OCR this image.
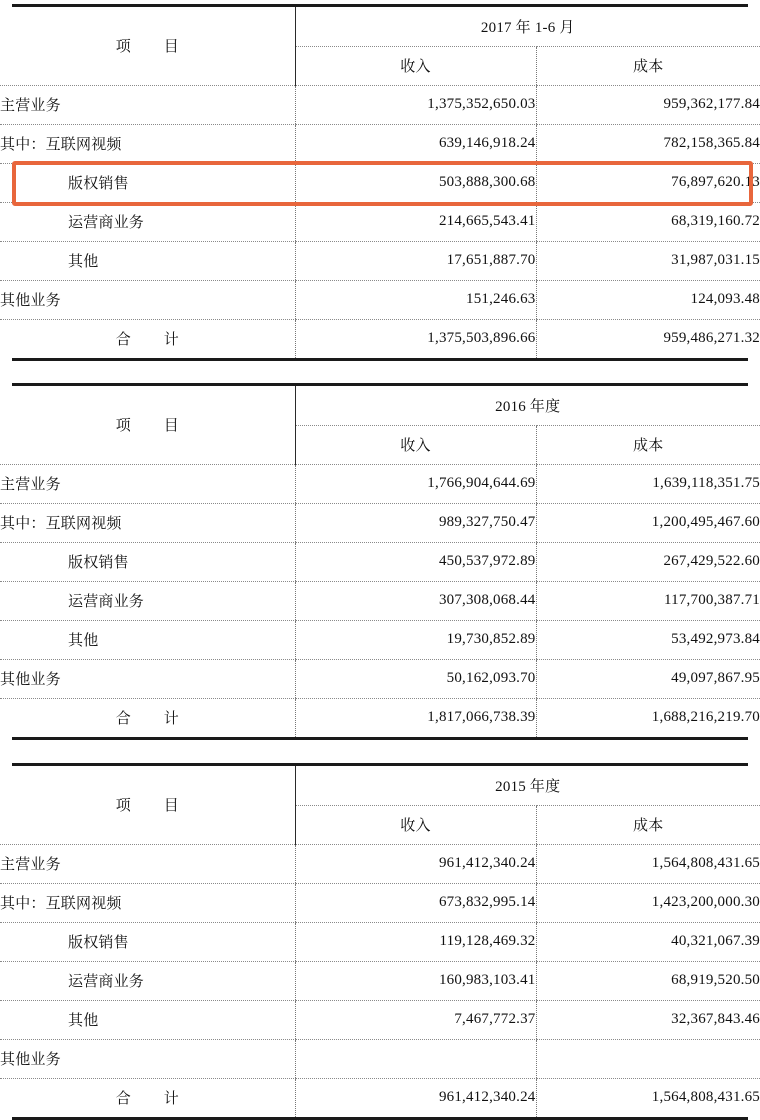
项 目	2017 年 1-6 月	
	收入	成本
主营业务	1,375,352,650.03	959,362,177.84
其中：互联网视频	639,146,918.24	782,158,365.84
版权销售	503,888,300.68	76,897,620.13
运营商业务	214,665,543.41	68,319,160.72
其他	17,651,887.70	31,987,031.15
其他业务	151,246.63	124,093.48
合 计	1,375,503,896.66	959,486,271.32
项 目	2016 年度	
	收入	成本
主营业务	1,766,904,644.69	1,639,118,351.75
其中：互联网视频	989,327,750.47	1,200,495,467.60
版权销售	450,537,972.89	267,429,522.60
运营商业务	307,308,068.44	117,700,387.71
其他	19,730,852.89	53,492,973.84
其他业务	50,162,093.70	49,097,867.95
合 计	1,817,066,738.39	1,688,216,219.70
项 目	2015 年度	
	收入	成本
主营业务	961,412,340.24	1,564,808,431.65
其中：互联网视频	673,832,995.14	1,423,200,000.30
版权销售	119,128,469.32	40,321,067.39
运营商业务	160,983,103.41	68,919,520.50
其他	7,467,772.37	32,367,843.46
其他业务		
合 计	961,412,340.24	1,564,808,431.65
